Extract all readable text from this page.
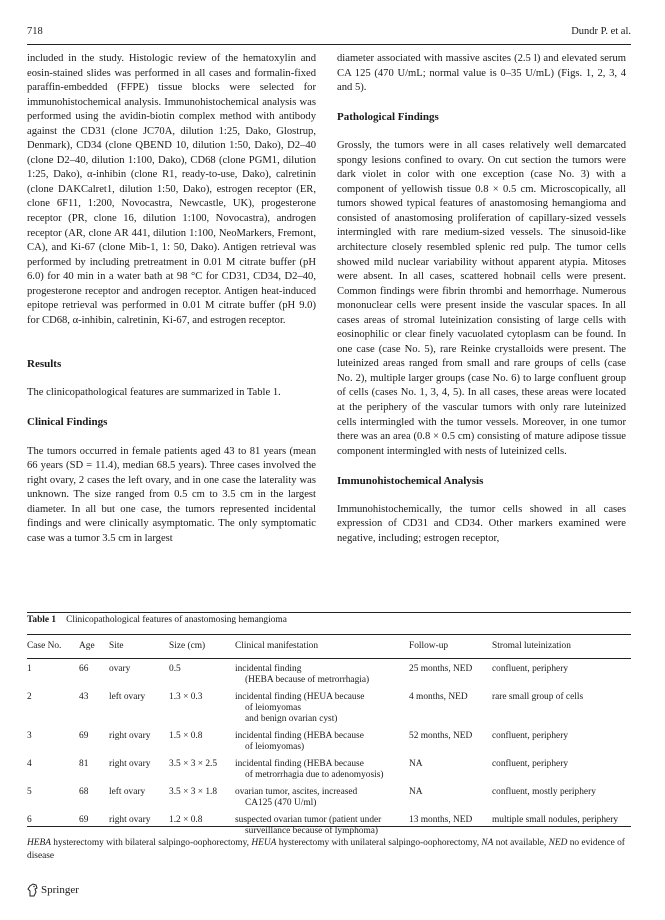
718	Dundr P. et al.

included in the study. Histologic review of the hematoxylin and eosin-stained slides was performed in all cases and formalin-fixed paraffin-embedded (FFPE) tissue blocks were selected for immunohistochemical analysis. Immunohistochemical analysis was performed using the avidin-biotin complex method with antibody against the CD31 (clone JC70A, dilution 1:25, Dako, Glostrup, Denmark), CD34 (clone QBEND 10, dilution 1:50, Dako), D2–40 (clone D2–40, dilution 1:100, Dako), CD68 (clone PGM1, dilution 1:25, Dako), α-inhibin (clone R1, ready-to-use, Dako), calretinin (clone DAKCalret1, dilution 1:50, Dako), estrogen receptor (ER, clone 6F11, 1:200, Novocastra, Newcastle, UK), progesterone receptor (PR, clone 16, dilution 1:100, Novocastra), androgen receptor (AR, clone AR 441, dilution 1:100, NeoMarkers, Fremont, CA), and Ki-67 (clone Mib-1, 1: 50, Dako). Antigen retrieval was performed by including pretreatment in 0.01 M citrate buffer (pH 6.0) for 40 min in a water bath at 98 °C for CD31, CD34, D2–40, progesterone receptor and androgen receptor. Antigen heat-induced epitope retrieval was performed in 0.01 M citrate buffer (pH 9.0) for CD68, α-inhibin, calretinin, Ki-67, and estrogen receptor.

Results

The clinicopathological features are summarized in Table 1.

Clinical Findings

The tumors occurred in female patients aged 43 to 81 years (mean 66 years (SD = 11.4), median 68.5 years). Three cases involved the right ovary, 2 cases the left ovary, and in one case the laterality was unknown. The size ranged from 0.5 cm to 3.5 cm in the largest diameter. In all but one case, the tumors represented incidental findings and were clinically asymptomatic. The only symptomatic case was a tumor 3.5 cm in largest

diameter associated with massive ascites (2.5 l) and elevated serum CA 125 (470 U/mL; normal value is 0–35 U/mL) (Figs. 1, 2, 3, 4 and 5).

Pathological Findings

Grossly, the tumors were in all cases relatively well demarcated spongy lesions confined to ovary. On cut section the tumors were dark violet in color with one exception (case No. 3) with a component of yellowish tissue 0.8 × 0.5 cm. Microscopically, all tumors showed typical features of anastomosing hemangioma and consisted of anastomosing proliferation of capillary-sized vessels intermingled with rare medium-sized vessels. The sinusoid-like architecture closely resembled splenic red pulp. The tumor cells showed mild nuclear variability without apparent atypia. Mitoses were absent. In all cases, scattered hobnail cells were present. Common findings were fibrin thrombi and hemorrhage. Numerous mononuclear cells were present inside the vascular spaces. In all cases areas of stromal luteinization consisting of large cells with eosinophilic or clear finely vacuolated cytoplasm can be found. In one case (case No. 5), rare Reinke crystalloids were present. The luteinized areas ranged from small and rare groups of cells (case No. 2), multiple larger groups (case No. 6) to large confluent group of cells (cases No. 1, 3, 4, 5). In all cases, these areas were located at the periphery of the vascular tumors with only rare luteinized cells intermingled with the tumor vessels. Moreover, in one tumor there was an area (0.8 × 0.5 cm) consisting of mature adipose tissue component intermingled with nests of luteinized cells.

Immunohistochemical Analysis

Immunohistochemically, the tumor cells showed in all cases expression of CD31 and CD34. Other markers examined were negative, including; estrogen receptor,

Table 1 Clinicopathological features of anastomosing hemangioma
Case No.	Age	Site	Size (cm)	Clinical manifestation	Follow-up	Stromal luteinization
1	66	ovary	0.5	incidental finding
(HEBA because of metrorrhagia)	25 months, NED	confluent, periphery
2	43	left ovary	1.3 × 0.3	incidental finding (HEUA because
of leiomyomas
and benign ovarian cyst)	4 months, NED	rare small group of cells
3	69	right ovary	1.5 × 0.8	incidental finding (HEBA because
of leiomyomas)	52 months, NED	confluent, periphery
4	81	right ovary	3.5 × 3 × 2.5	incidental finding (HEBA because
of metrorrhagia due to adenomyosis)	NA	confluent, periphery
5	68	left ovary	3.5 × 3 × 1.8	ovarian tumor, ascites, increased
CA125 (470 U/ml)	NA	confluent, mostly periphery
6	69	right ovary	1.2 × 0.8	suspected ovarian tumor (patient under
surveillance because of lymphoma)	13 months, NED	multiple small nodules, periphery
HEBA hysterectomy with bilateral salpingo-oophorectomy, HEUA hysterectomy with unilateral salpingo-oophorectomy, NA not available, NED no evidence of disease
Springer
